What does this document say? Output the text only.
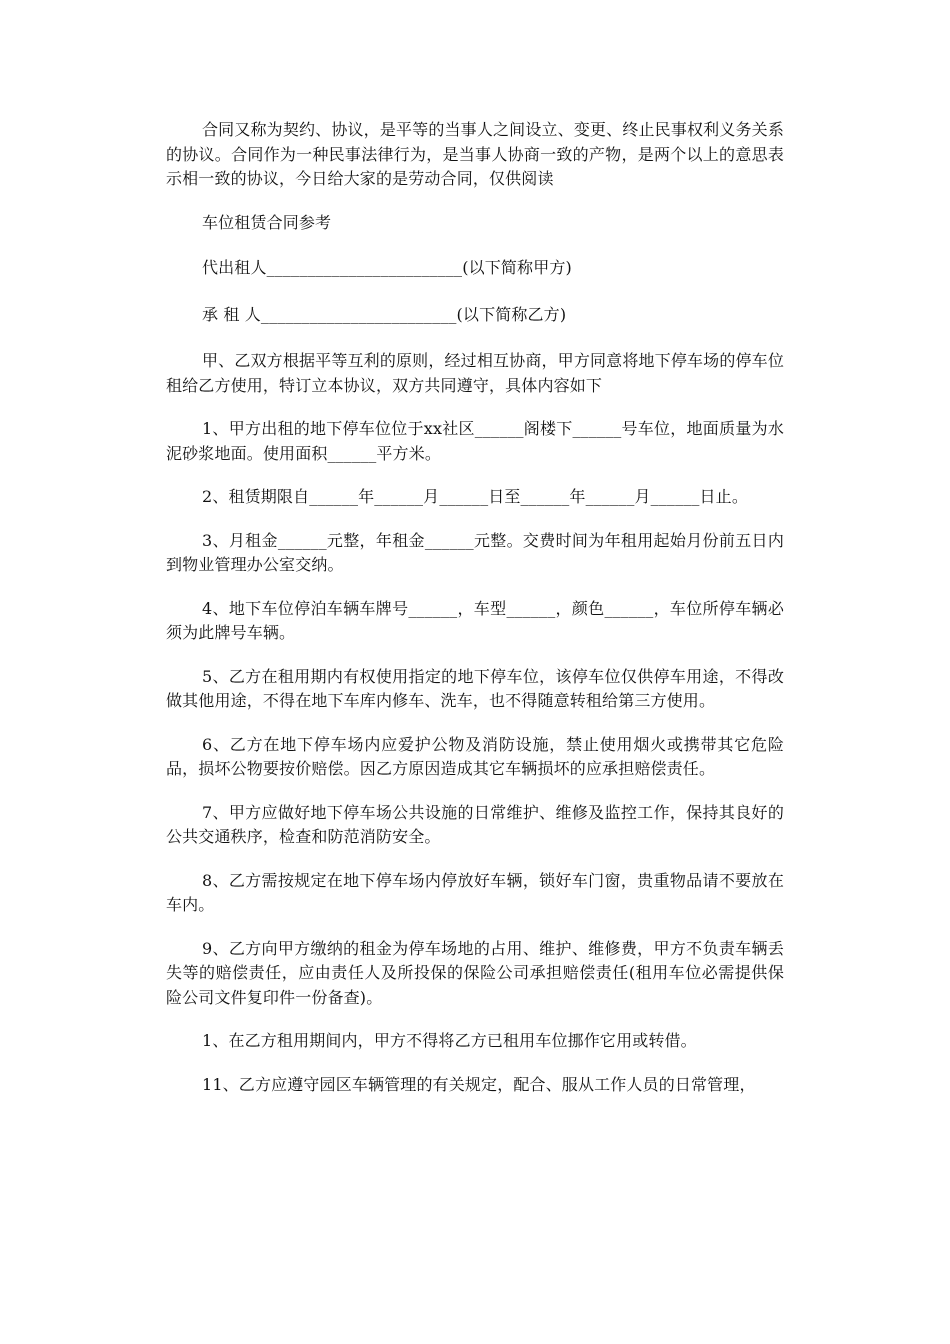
合同又称为契约、协议，是平等的当事人之间设立、变更、终止民事权利义务关系的协议。合同作为一种民事法律行为，是当事人协商一致的产物，是两个以上的意思表示相一致的协议，今日给大家的是劳动合同，仅供阅读

车位租赁合同参考

代出租人________________________(以下简称甲方)

承 租 人________________________(以下简称乙方)

甲、乙双方根据平等互利的原则，经过相互协商，甲方同意将地下停车场的停车位租给乙方使用，特订立本协议，双方共同遵守，具体内容如下

1、甲方出租的地下停车位位于xx社区______阁楼下______号车位，地面质量为水泥砂浆地面。使用面积______平方米。

2、租赁期限自______年______月______日至______年______月______日止。

3、月租金______元整，年租金______元整。交费时间为年租用起始月份前五日内到物业管理办公室交纳。

4、地下车位停泊车辆车牌号______，车型______，颜色______，车位所停车辆必须为此牌号车辆。

5、乙方在租用期内有权使用指定的地下停车位，该停车位仅供停车用途，不得改做其他用途，不得在地下车库内修车、洗车，也不得随意转租给第三方使用。

6、乙方在地下停车场内应爱护公物及消防设施，禁止使用烟火或携带其它危险品，损坏公物要按价赔偿。因乙方原因造成其它车辆损坏的应承担赔偿责任。

7、甲方应做好地下停车场公共设施的日常维护、维修及监控工作，保持其良好的公共交通秩序，检查和防范消防安全。

8、乙方需按规定在地下停车场内停放好车辆，锁好车门窗，贵重物品请不要放在车内。

9、乙方向甲方缴纳的租金为停车场地的占用、维护、维修费，甲方不负责车辆丢失等的赔偿责任，应由责任人及所投保的保险公司承担赔偿责任(租用车位必需提供保险公司文件复印件一份备查)。

1、在乙方租用期间内，甲方不得将乙方已租用车位挪作它用或转借。

11、乙方应遵守园区车辆管理的有关规定，配合、服从工作人员的日常管理，
